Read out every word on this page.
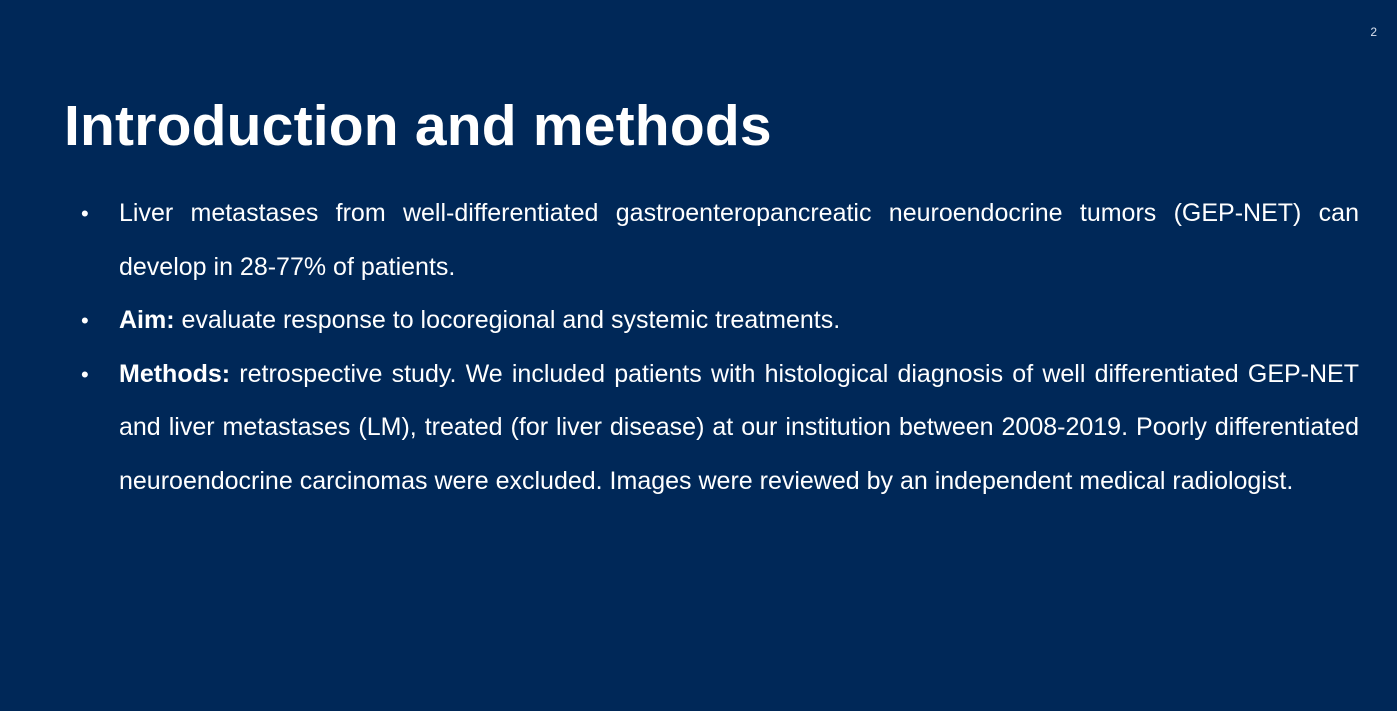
2
Introduction and methods
•	Liver metastases from well-differentiated gastroenteropancreatic neuroendocrine tumors (GEP-NET) can develop in 28-77% of patients.
•	Aim: evaluate response to locoregional and systemic treatments.
•	Methods: retrospective study. We included patients with histological diagnosis of well differentiated GEP-NET and liver metastases (LM), treated (for liver disease) at our institution between 2008-2019. Poorly differentiated neuroendocrine carcinomas were excluded. Images were reviewed by an independent medical radiologist.
